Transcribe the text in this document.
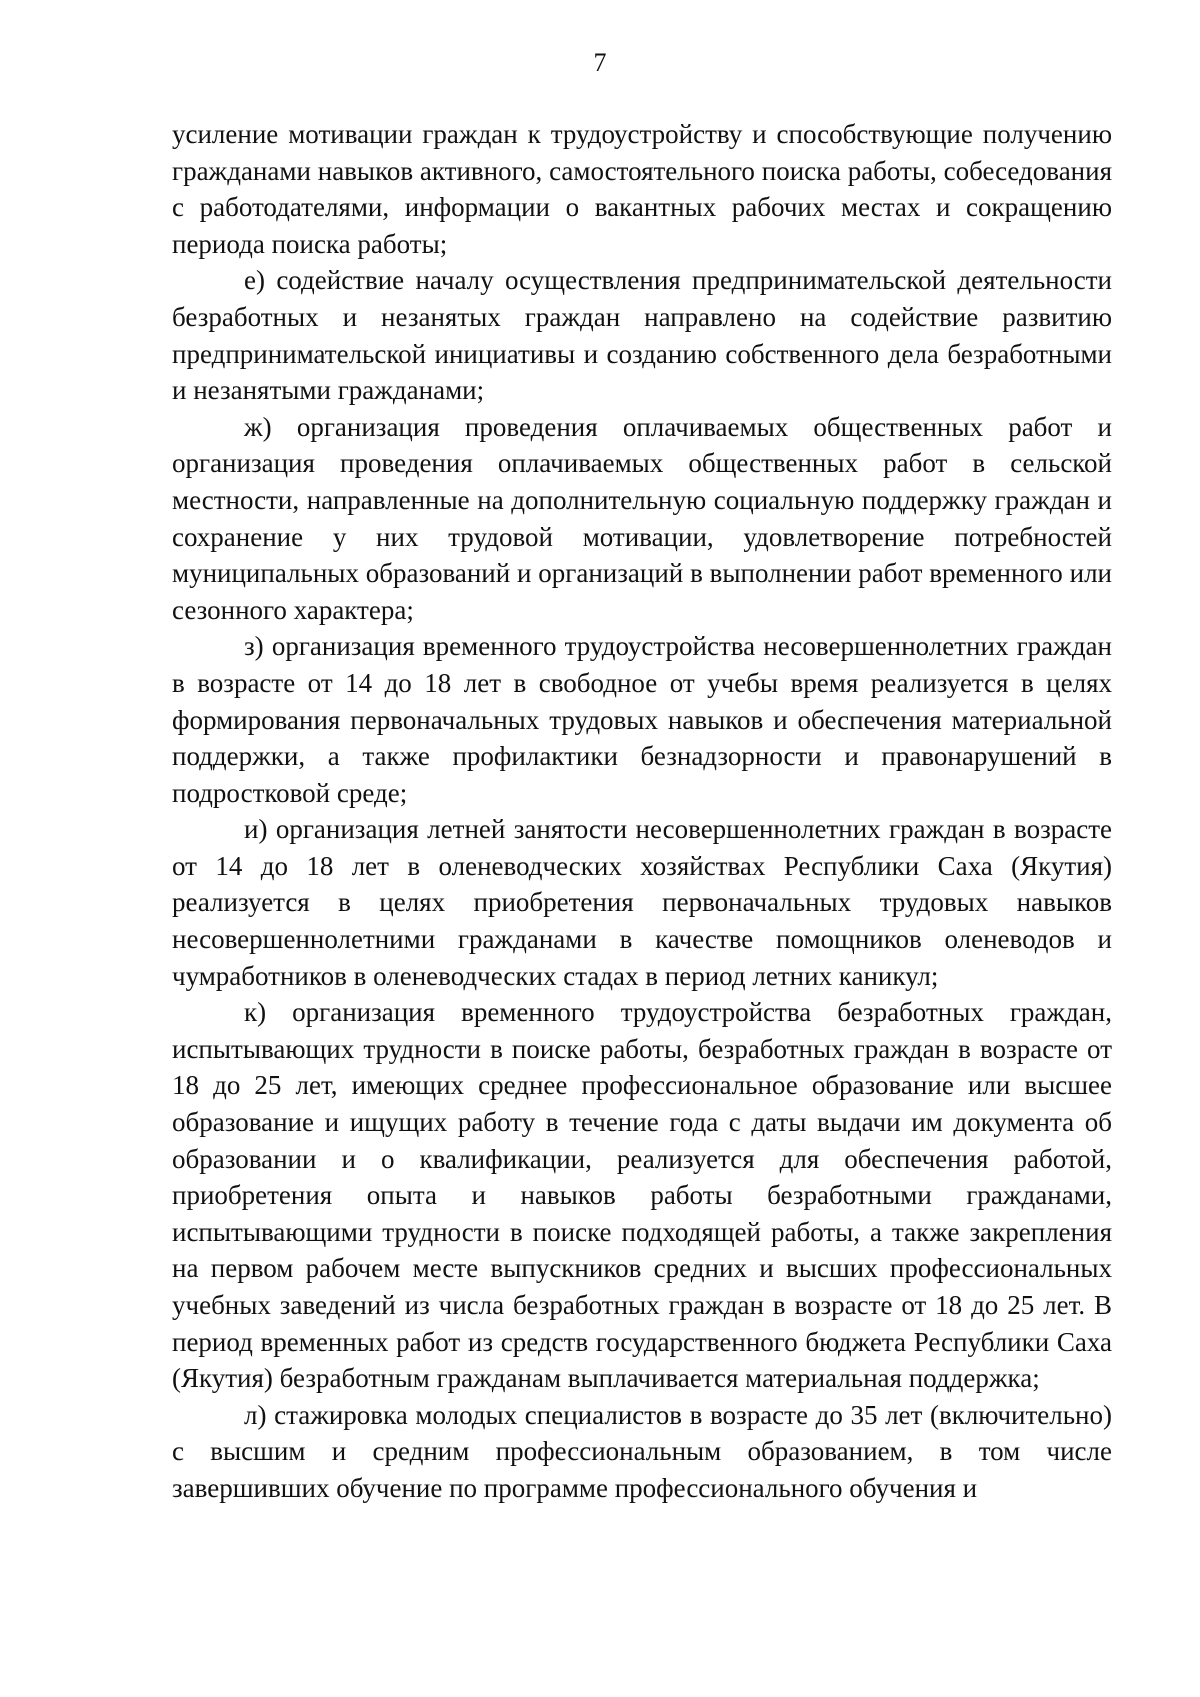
7

усиление мотивации граждан к трудоустройству и способствующие получению гражданами навыков активного, самостоятельного поиска работы, собеседования с работодателями, информации о вакантных рабочих местах и сокращению периода поиска работы;

е) содействие началу осуществления предпринимательской деятельности безработных и незанятых граждан направлено на содействие развитию предпринимательской инициативы и созданию собственного дела безработными и незанятыми гражданами;

ж) организация проведения оплачиваемых общественных работ и организация проведения оплачиваемых общественных работ в сельской местности, направленные на дополнительную социальную поддержку граждан и сохранение у них трудовой мотивации, удовлетворение потребностей муниципальных образований и организаций в выполнении работ временного или сезонного характера;

з) организация временного трудоустройства несовершеннолетних граждан в возрасте от 14 до 18 лет в свободное от учебы время реализуется в целях формирования первоначальных трудовых навыков и обеспечения материальной поддержки, а также профилактики безнадзорности и правонарушений в подростковой среде;

и) организация летней занятости несовершеннолетних граждан в возрасте от 14 до 18 лет в оленеводческих хозяйствах Республики Саха (Якутия) реализуется в целях приобретения первоначальных трудовых навыков несовершеннолетними гражданами в качестве помощников оленеводов и чумработников в оленеводческих стадах в период летних каникул;

к) организация временного трудоустройства безработных граждан, испытывающих трудности в поиске работы, безработных граждан в возрасте от 18 до 25 лет, имеющих среднее профессиональное образование или высшее образование и ищущих работу в течение года с даты выдачи им документа об образовании и о квалификации, реализуется для обеспечения работой, приобретения опыта и навыков работы безработными гражданами, испытывающими трудности в поиске подходящей работы, а также закрепления на первом рабочем месте выпускников средних и высших профессиональных учебных заведений из числа безработных граждан в возрасте от 18 до 25 лет. В период временных работ из средств государственного бюджета Республики Саха (Якутия) безработным гражданам выплачивается материальная поддержка;

л) стажировка молодых специалистов в возрасте до 35 лет (включительно) с высшим и средним профессиональным образованием, в том числе завершивших обучение по программе профессионального обучения и
